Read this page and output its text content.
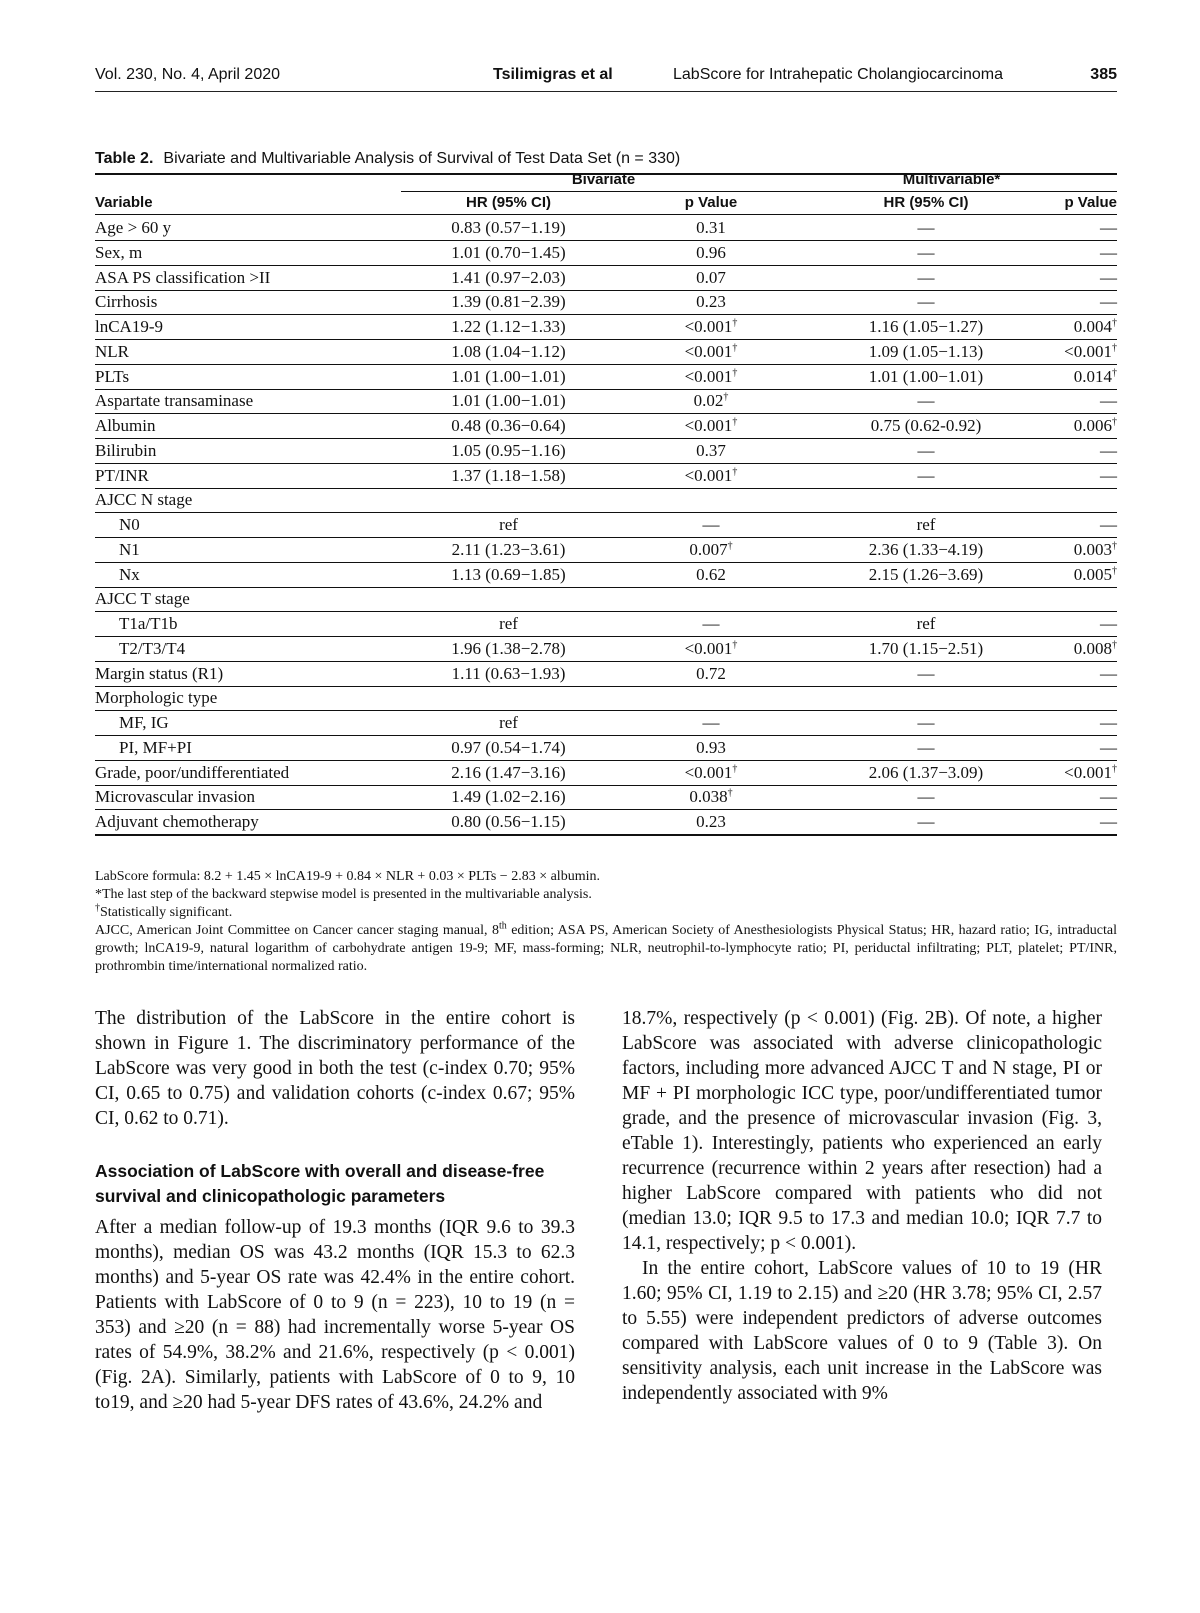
Vol. 230, No. 4, April 2020	Tsilimigras et al	LabScore for Intrahepatic Cholangiocarcinoma	385
Table 2. Bivariate and Multivariable Analysis of Survival of Test Data Set (n = 330)
Bivariate	Multivariable*
Variable	HR (95% CI)	p Value	HR (95% CI)	p Value
Age > 60 y	0.83 (0.57−1.19)	0.31	—	—
Sex, m	1.01 (0.70−1.45)	0.96	—	—
ASA PS classification >II	1.41 (0.97−2.03)	0.07	—	—
Cirrhosis	1.39 (0.81−2.39)	0.23	—	—
lnCA19-9	1.22 (1.12−1.33)	<0.001†	1.16 (1.05−1.27)	0.004†
NLR	1.08 (1.04−1.12)	<0.001†	1.09 (1.05−1.13)	<0.001†
PLTs	1.01 (1.00−1.01)	<0.001†	1.01 (1.00−1.01)	0.014†
Aspartate transaminase	1.01 (1.00−1.01)	0.02†	—	—
Albumin	0.48 (0.36−0.64)	<0.001†	0.75 (0.62-0.92)	0.006†
Bilirubin	1.05 (0.95−1.16)	0.37	—	—
PT/INR	1.37 (1.18−1.58)	<0.001†	—	—
AJCC N stage
N0	ref	—	ref	—
N1	2.11 (1.23−3.61)	0.007†	2.36 (1.33−4.19)	0.003†
Nx	1.13 (0.69−1.85)	0.62	2.15 (1.26−3.69)	0.005†
AJCC T stage
T1a/T1b	ref	—	ref	—
T2/T3/T4	1.96 (1.38−2.78)	<0.001†	1.70 (1.15−2.51)	0.008†
Margin status (R1)	1.11 (0.63−1.93)	0.72	—	—
Morphologic type
MF, IG	ref	—	—	—
PI, MF+PI	0.97 (0.54−1.74)	0.93	—	—
Grade, poor/undifferentiated	2.16 (1.47−3.16)	<0.001†	2.06 (1.37−3.09)	<0.001†
Microvascular invasion	1.49 (1.02−2.16)	0.038†	—	—
Adjuvant chemotherapy	0.80 (0.56−1.15)	0.23	—	—

LabScore formula: 8.2 + 1.45 × lnCA19-9 + 0.84 × NLR + 0.03 × PLTs − 2.83 × albumin.

*The last step of the backward stepwise model is presented in the multivariable analysis.

†Statistically significant.

AJCC, American Joint Committee on Cancer cancer staging manual, 8th edition; ASA PS, American Society of Anesthesiologists Physical Status; HR, hazard ratio; IG, intraductal growth; lnCA19-9, natural logarithm of carbohydrate antigen 19-9; MF, mass-forming; NLR, neutrophil-to-lymphocyte ratio; PI, periductal infiltrating; PLT, platelet; PT/INR, prothrombin time/international normalized ratio.

The distribution of the LabScore in the entire cohort is shown in Figure 1. The discriminatory performance of the LabScore was very good in both the test (c-index 0.70; 95% CI, 0.65 to 0.75) and validation cohorts (c-index 0.67; 95% CI, 0.62 to 0.71).

Association of LabScore with overall and disease-free survival and clinicopathologic parameters

After a median follow-up of 19.3 months (IQR 9.6 to 39.3 months), median OS was 43.2 months (IQR 15.3 to 62.3 months) and 5-year OS rate was 42.4% in the entire cohort. Patients with LabScore of 0 to 9 (n = 223), 10 to 19 (n = 353) and ≥20 (n = 88) had incrementally worse 5-year OS rates of 54.9%, 38.2% and 21.6%, respectively (p < 0.001) (Fig. 2A). Similarly, patients with LabScore of 0 to 9, 10 to19, and ≥20 had 5-year DFS rates of 43.6%, 24.2% and

18.7%, respectively (p < 0.001) (Fig. 2B). Of note, a higher LabScore was associated with adverse clinicopathologic factors, including more advanced AJCC T and N stage, PI or MF + PI morphologic ICC type, poor/undifferentiated tumor grade, and the presence of microvascular invasion (Fig. 3, eTable 1). Interestingly, patients who experienced an early recurrence (recurrence within 2 years after resection) had a higher LabScore compared with patients who did not (median 13.0; IQR 9.5 to 17.3 and median 10.0; IQR 7.7 to 14.1, respectively; p < 0.001).

In the entire cohort, LabScore values of 10 to 19 (HR 1.60; 95% CI, 1.19 to 2.15) and ≥20 (HR 3.78; 95% CI, 2.57 to 5.55) were independent predictors of adverse outcomes compared with LabScore values of 0 to 9 (Table 3). On sensitivity analysis, each unit increase in the LabScore was independently associated with 9%
